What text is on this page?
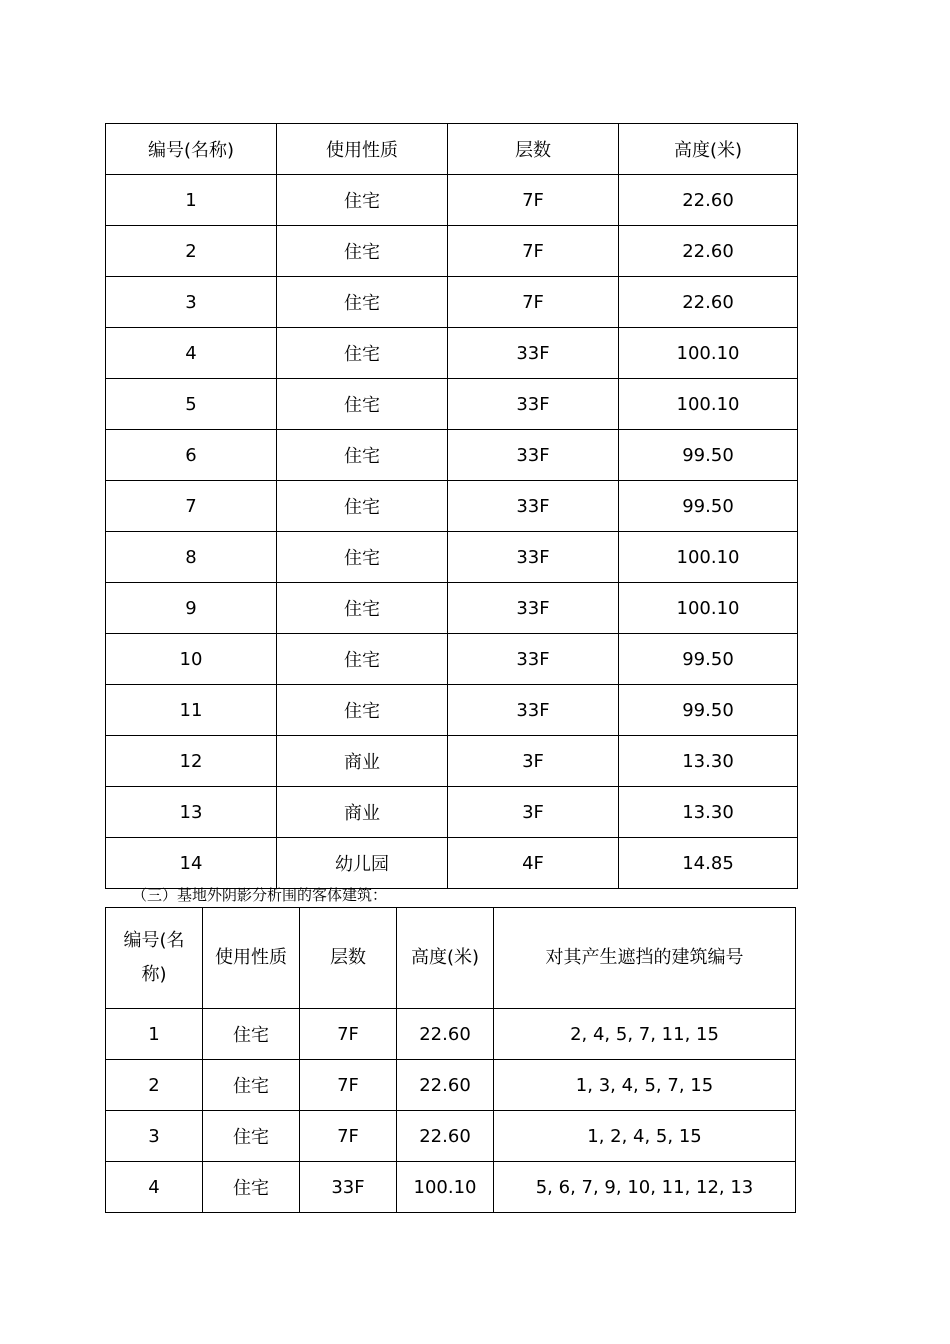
编号(名称)	使用性质	层数	高度(米)
1	住宅	7F	22.60
2	住宅	7F	22.60
3	住宅	7F	22.60
4	住宅	33F	100.10
5	住宅	33F	100.10
6	住宅	33F	99.50
7	住宅	33F	99.50
8	住宅	33F	100.10
9	住宅	33F	100.10
10	住宅	33F	99.50
11	住宅	33F	99.50
12	商业	3F	13.30
13	商业	3F	13.30
14	幼儿园	4F	14.85
（三）基地外阴影分析围的客体建筑：
编号(名称)	使用性质	层数	高度(米)	对其产生遮挡的建筑编号
1	住宅	7F	22.60	2, 4, 5, 7, 11, 15
2	住宅	7F	22.60	1, 3, 4, 5, 7, 15
3	住宅	7F	22.60	1, 2, 4, 5, 15
4	住宅	33F	100.10	5, 6, 7, 9, 10, 11, 12, 13
